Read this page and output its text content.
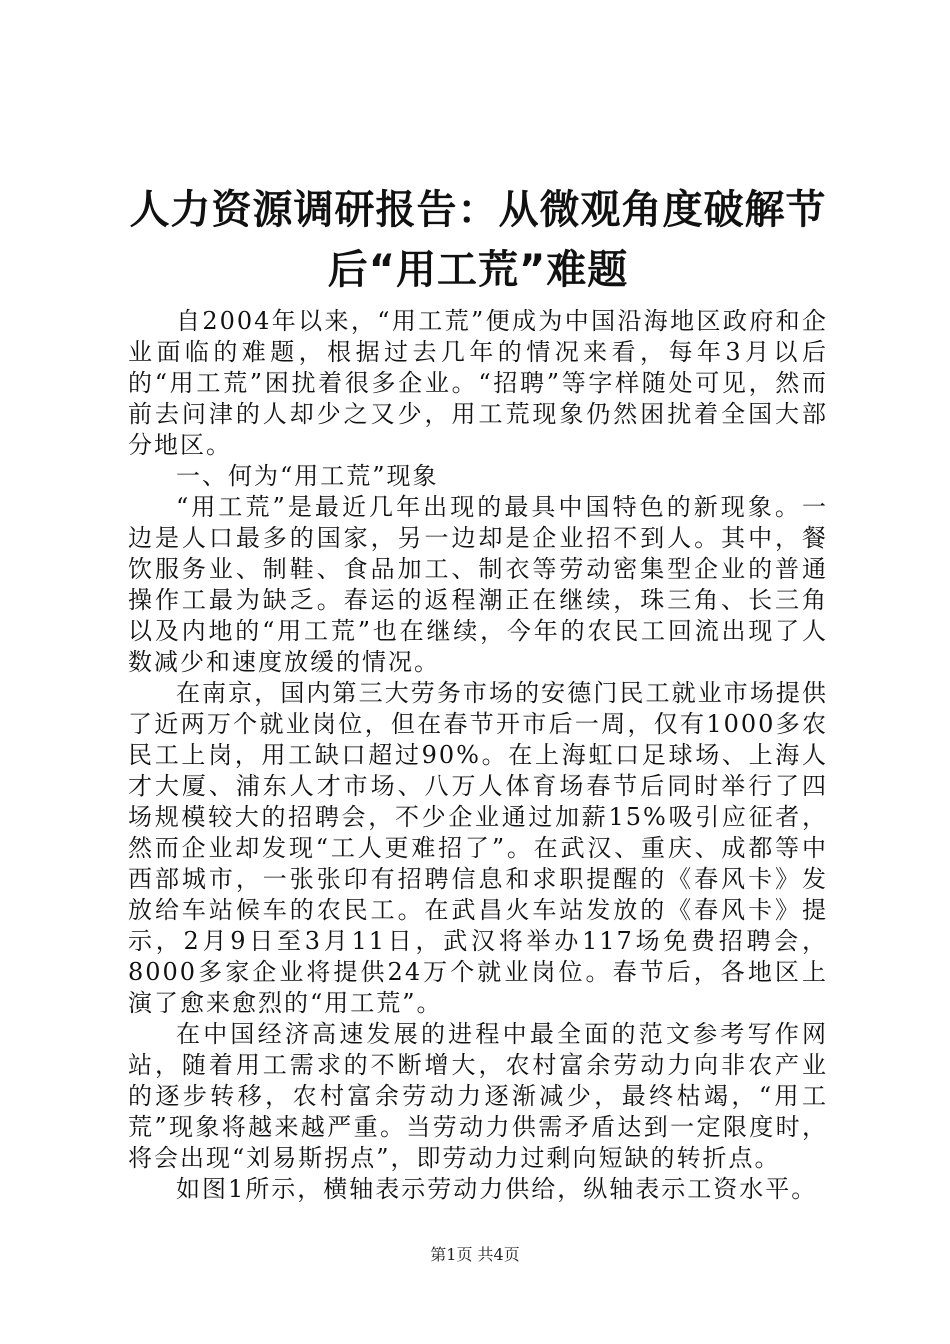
人力资源调研报告：从微观角度破解节后“用工荒”难题

自2004年以来，“用工荒”便成为中国沿海地区政府和企业面临的难题，根据过去几年的情况来看，每年3月以后的“用工荒”困扰着很多企业。“招聘”等字样随处可见，然而前去问津的人却少之又少，用工荒现象仍然困扰着全国大部分地区。

一、何为“用工荒”现象

“用工荒”是最近几年出现的最具中国特色的新现象。一边是人口最多的国家，另一边却是企业招不到人。其中，餐饮服务业、制鞋、食品加工、制衣等劳动密集型企业的普通操作工最为缺乏。春运的返程潮正在继续，珠三角、长三角以及内地的“用工荒”也在继续，今年的农民工回流出现了人数减少和速度放缓的情况。

在南京，国内第三大劳务市场的安德门民工就业市场提供了近两万个就业岗位，但在春节开市后一周，仅有1000多农民工上岗，用工缺口超过90%。在上海虹口足球场、上海人才大厦、浦东人才市场、八万人体育场春节后同时举行了四场规模较大的招聘会，不少企业通过加薪15%吸引应征者，然而企业却发现“工人更难招了”。在武汉、重庆、成都等中西部城市，一张张印有招聘信息和求职提醒的《春风卡》发放给车站候车的农民工。在武昌火车站发放的《春风卡》提示，2月9日至3月11日，武汉将举办117场免费招聘会，8000多家企业将提供24万个就业岗位。春节后，各地区上演了愈来愈烈的“用工荒”。

在中国经济高速发展的进程中最全面的范文参考写作网站，随着用工需求的不断增大，农村富余劳动力向非农产业的逐步转移，农村富余劳动力逐渐减少，最终枯竭，“用工荒”现象将越来越严重。当劳动力供需矛盾达到一定限度时，将会出现“刘易斯拐点”，即劳动力过剩向短缺的转折点。

如图1所示，横轴表示劳动力供给，纵轴表示工资水平。

第1页 共4页
